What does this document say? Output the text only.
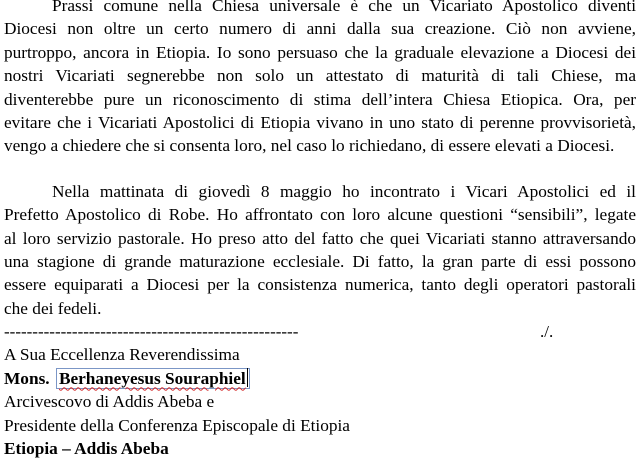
Prassi comune nella Chiesa universale è che un Vicariato Apostolico diventi
Diocesi non oltre un certo numero di anni dalla sua creazione. Ciò non avviene,
purtroppo, ancora in Etiopia. Io sono persuaso che la graduale elevazione a Diocesi dei
nostri Vicariati segnerebbe non solo un attestato di maturità di tali Chiese, ma
diventerebbe pure un riconoscimento di stima dell’intera Chiesa Etiopica. Ora, per
evitare che i Vicariati Apostolici di Etiopia vivano in uno stato di perenne provvisorietà,
vengo a chiedere che si consenta loro, nel caso lo richiedano, di essere elevati a Diocesi.
Nella mattinata di giovedì 8 maggio ho incontrato i Vicari Apostolici ed il
Prefetto Apostolico di Robe. Ho affrontato con loro alcune questioni “sensibili”, legate
al loro servizio pastorale. Ho preso atto del fatto che quei Vicariati stanno attraversando
una stagione di grande maturazione ecclesiale. Di fatto, la gran parte di essi possono
essere equiparati a Diocesi per la consistenza numerica, tanto degli operatori pastorali
che dei fedeli.
----------------------------------------------------	./.
A Sua Eccellenza Reverendissima
Mons. Berhaneyesus Souraphiel
Arcivescovo di Addis Abeba e
Presidente della Conferenza Episcopale di Etiopia
Etiopia – Addis Abeba
